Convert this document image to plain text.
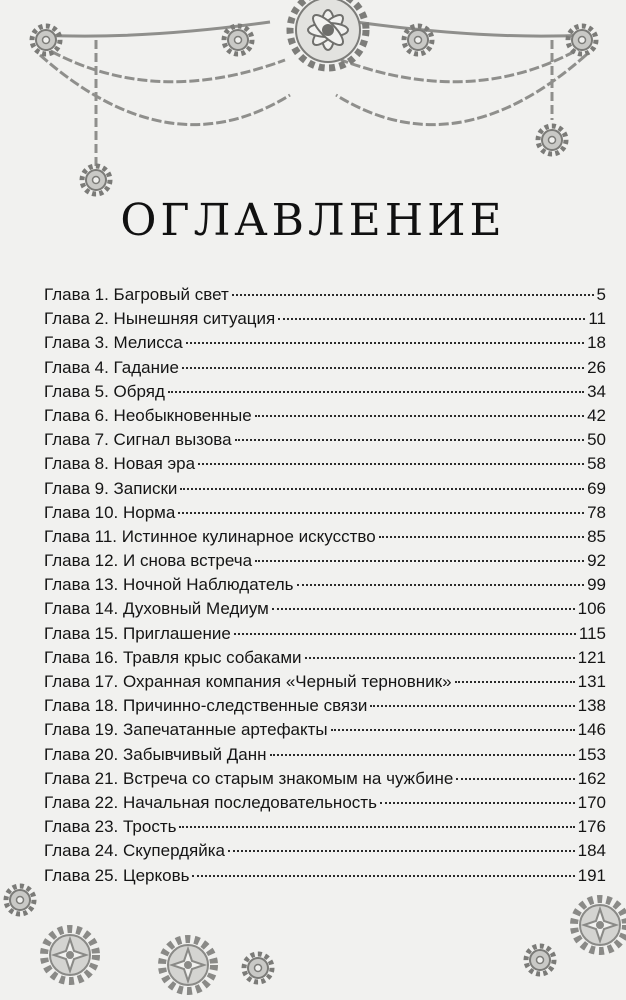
ОГЛАВЛЕНИЕ
Глава 1. Багровый свет	5
Глава 2. Нынешняя ситуация	11
Глава 3. Мелисса	18
Глава 4. Гадание	26
Глава 5. Обряд	34
Глава 6. Необыкновенные	42
Глава 7. Сигнал вызова	50
Глава 8. Новая эра	58
Глава 9. Записки	69
Глава 10. Норма	78
Глава 11. Истинное кулинарное искусство	85
Глава 12. И снова встреча	92
Глава 13. Ночной Наблюдатель	99
Глава 14. Духовный Медиум	106
Глава 15. Приглашение	115
Глава 16. Травля крыс собаками	121
Глава 17. Охранная компания «Черный терновник»	131
Глава 18. Причинно-следственные связи	138
Глава 19. Запечатанные артефакты	146
Глава 20. Забывчивый Данн	153
Глава 21. Встреча со старым знакомым на чужбине	162
Глава 22. Начальная последовательность	170
Глава 23. Трость	176
Глава 24. Скупердяйка	184
Глава 25. Церковь	191
